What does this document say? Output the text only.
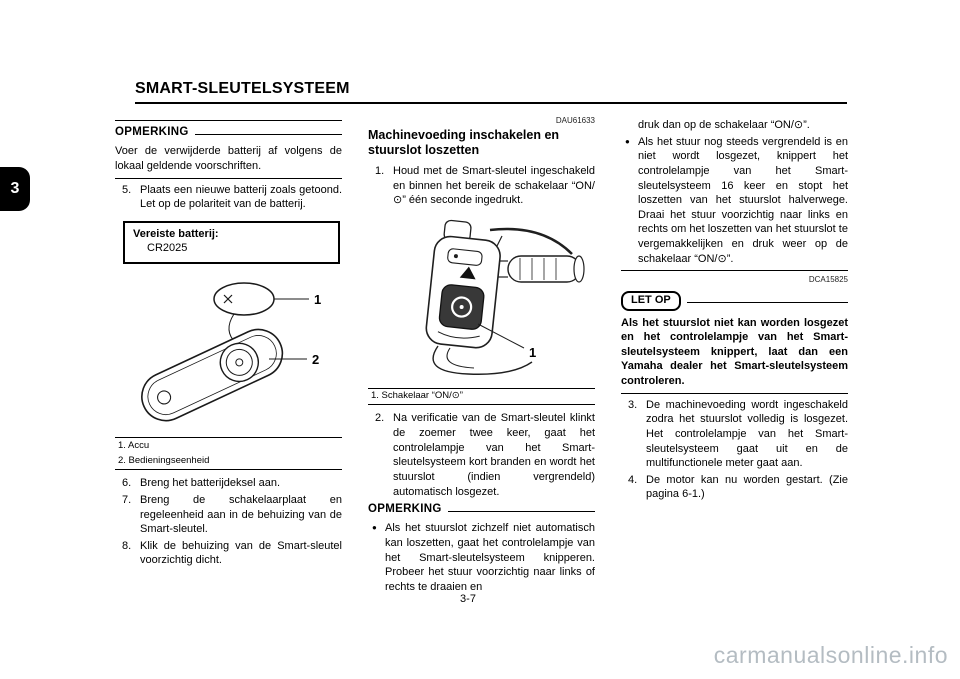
3
SMART-SLEUTELSYSTEEM
OPMERKING

Voer de verwijderde batterij af volgens de lokaal geldende voorschriften.

5. Plaats een nieuwe batterij zoals getoond. Let op de polariteit van de batterij.
Vereiste batterij:
CR2025
1
2
1. Accu
2. Bedieningseenheid
6. Breng het batterijdeksel aan.
7. Breng de schakelaarplaat en regeleenheid aan in de behuizing van de Smart-sleutel.
8. Klik de behuizing van de Smart-sleutel voorzichtig dicht.

DAU61633

Machinevoeding inschakelen en stuurslot loszetten
1. Houd met de Smart-sleutel ingeschakeld en binnen het bereik de schakelaar “ON/⊙” één seconde ingedrukt.
1
1. Schakelaar “ON/⊙”
2. Na verificatie van de Smart-sleutel klinkt de zoemer twee keer, gaat het controlelampje van het Smart-sleutelsysteem kort branden en wordt het stuurslot (indien vergrendeld) automatisch losgezet.
OPMERKING
● Als het stuurslot zichzelf niet automatisch kan loszetten, gaat het controlelampje van het Smart-sleutelsysteem knipperen. Probeer het stuur voorzichtig naar links of rechts te draaien en
druk dan op de schakelaar “ON/⊙”.
● Als het stuur nog steeds vergrendeld is en niet wordt losgezet, knippert het controlelampje van het Smart-sleutelsysteem 16 keer en stopt het loszetten van het stuurslot halverwege. Draai het stuur voorzichtig naar links en rechts om het loszetten van het stuurslot te vergemakkelijken en druk weer op de schakelaar “ON/⊙”.

DCA15825

LET OP

Als het stuurslot niet kan worden losgezet en het controlelampje van het Smart-sleutelsysteem knippert, laat dan een Yamaha dealer het Smart-sleutelsysteem controleren.

3. De machinevoeding wordt ingeschakeld zodra het stuurslot volledig is losgezet. Het controlelampje van het Smart-sleutelsysteem gaat uit en de multifunctionele meter gaat aan.
4. De motor kan nu worden gestart. (Zie pagina 6-1.)
3-7
carmanualsonline.info
